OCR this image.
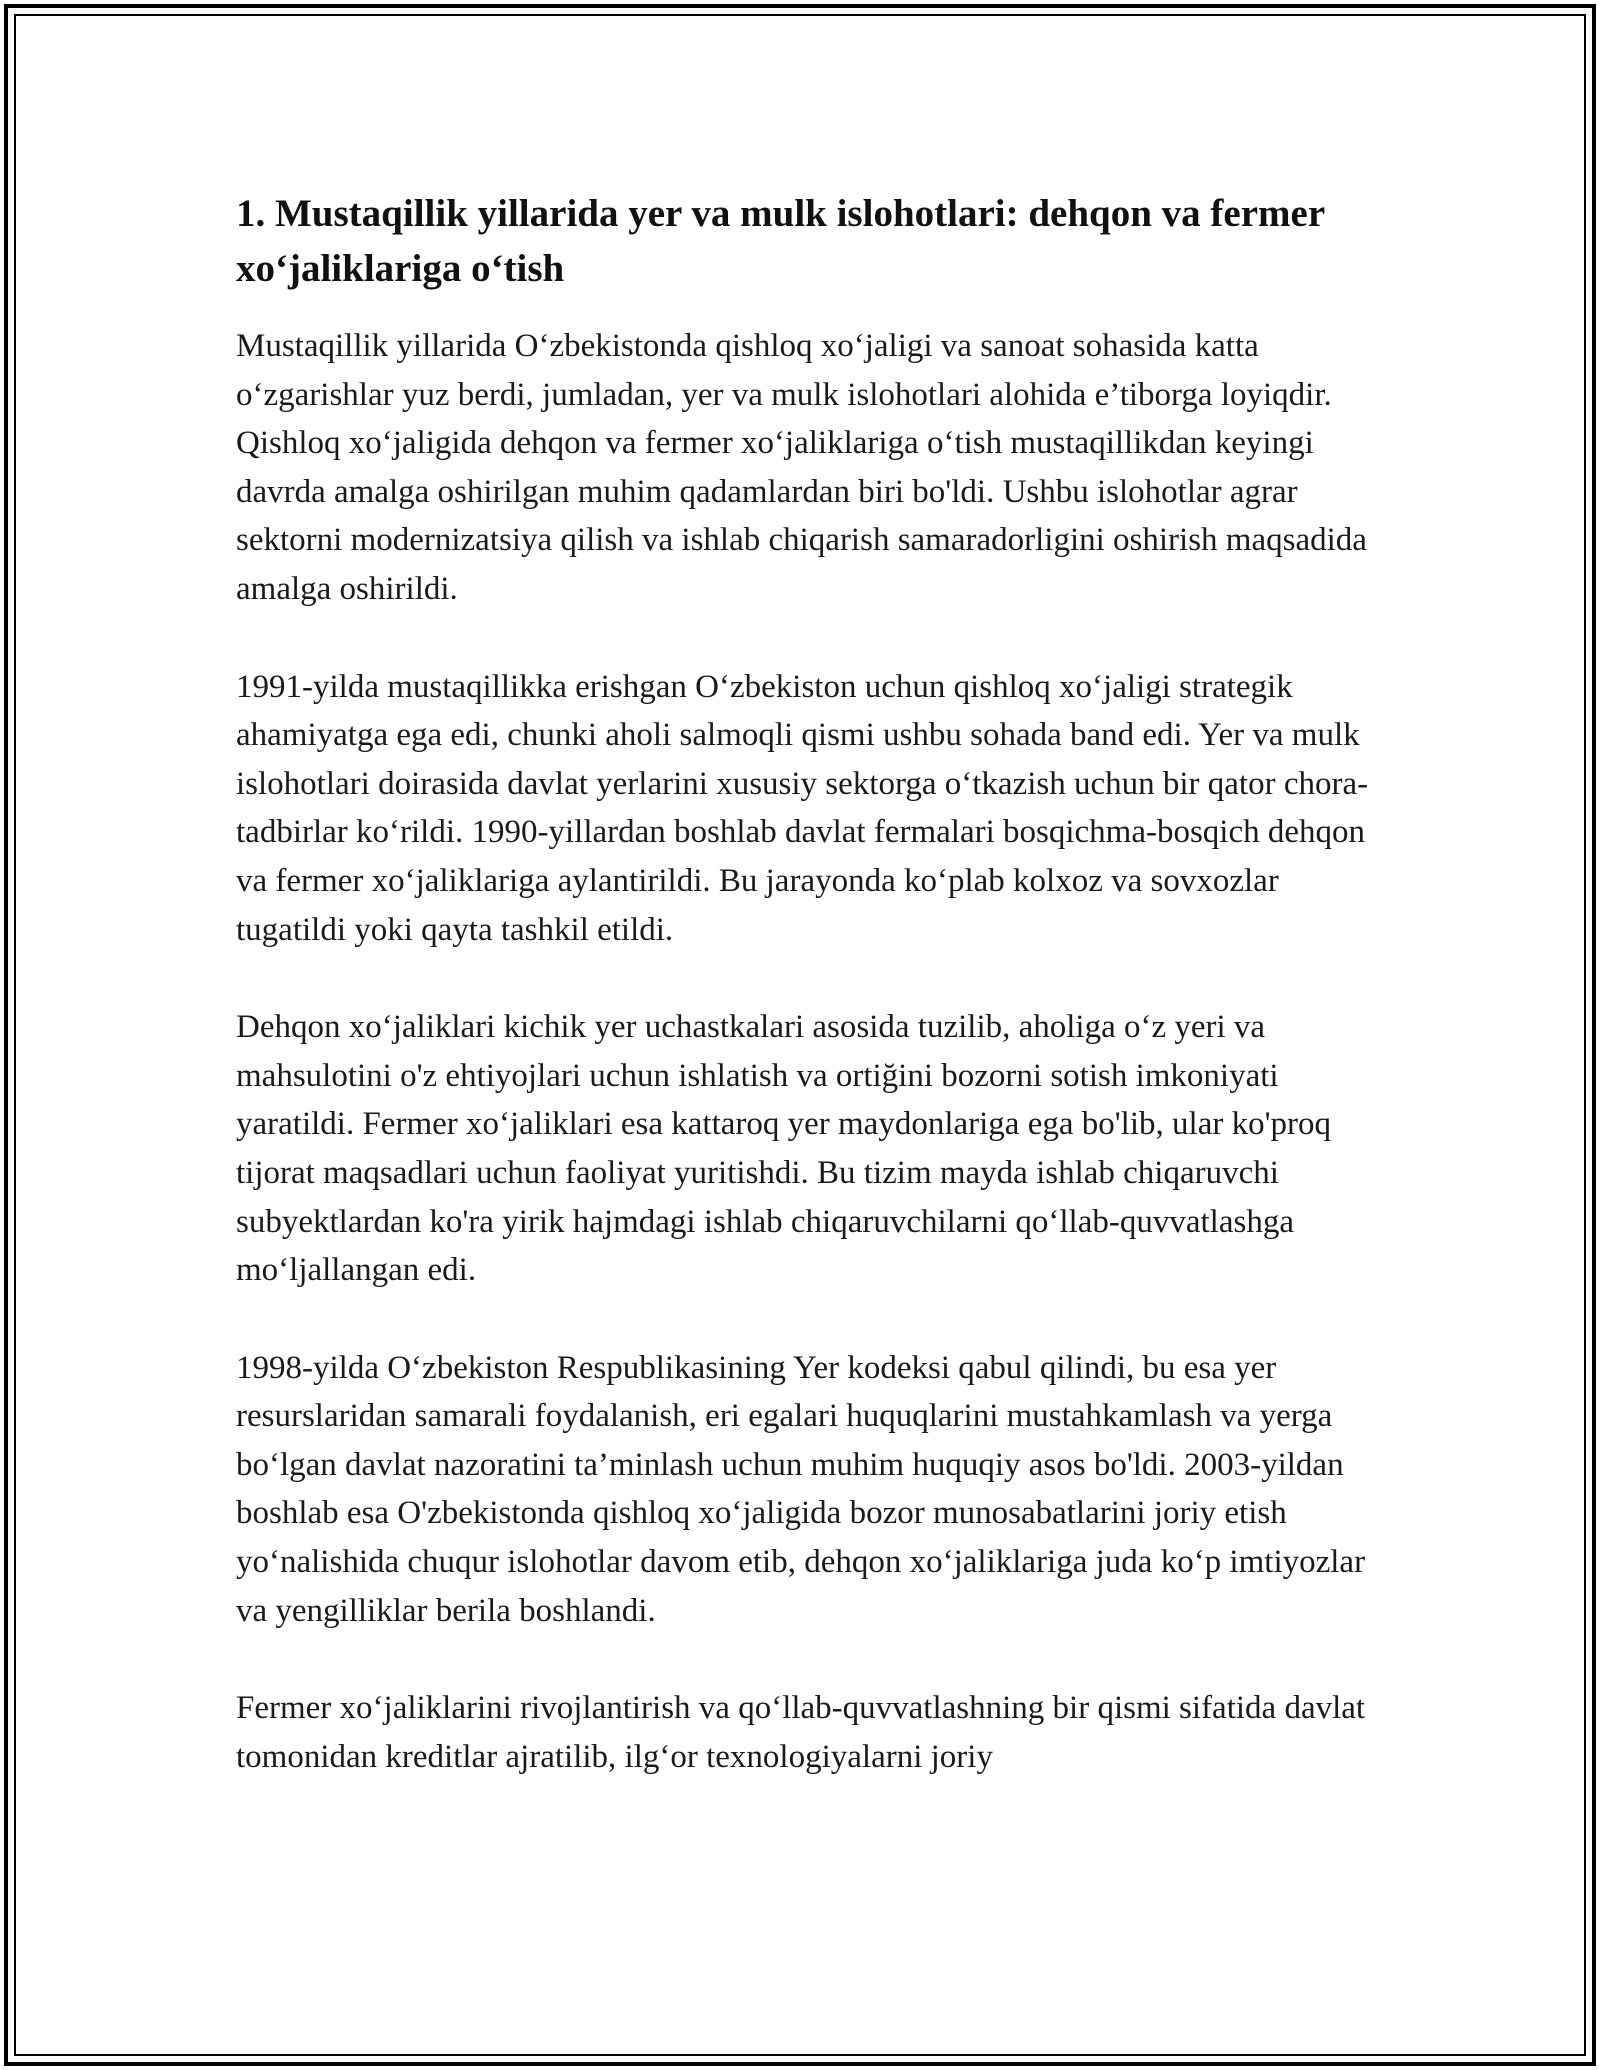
1. Mustaqillik yillarida yer va mulk islohotlari: dehqon va fermer xo‘jaliklariga o‘tish

Mustaqillik yillarida O‘zbekistonda qishloq xo‘jaligi va sanoat sohasida katta o‘zgarishlar yuz berdi, jumladan, yer va mulk islohotlari alohida e’tiborga loyiqdir. Qishloq xo‘jaligida dehqon va fermer xo‘jaliklariga o‘tish mustaqillikdan keyingi davrda amalga oshirilgan muhim qadamlardan biri bo'ldi. Ushbu islohotlar agrar sektorni modernizatsiya qilish va ishlab chiqarish samaradorligini oshirish maqsadida amalga oshirildi.

1991-yilda mustaqillikka erishgan O‘zbekiston uchun qishloq xo‘jaligi strategik ahamiyatga ega edi, chunki aholi salmoqli qismi ushbu sohada band edi. Yer va mulk islohotlari doirasida davlat yerlarini xususiy sektorga o‘tkazish uchun bir qator chora-tadbirlar ko‘rildi. 1990-yillardan boshlab davlat fermalari bosqichma-bosqich dehqon va fermer xo‘jaliklariga aylantirildi. Bu jarayonda ko‘plab kolxoz va sovxozlar tugatildi yoki qayta tashkil etildi.

Dehqon xo‘jaliklari kichik yer uchastkalari asosida tuzilib, aholiga o‘z yeri va mahsulotini o'z ehtiyojlari uchun ishlatish va ortiğini bozorni sotish imkoniyati yaratildi. Fermer xo‘jaliklari esa kattaroq yer maydonlariga ega bo'lib, ular ko'proq tijorat maqsadlari uchun faoliyat yuritishdi. Bu tizim mayda ishlab chiqaruvchi subyektlardan ko'ra yirik hajmdagi ishlab chiqaruvchilarni qo‘llab-quvvatlashga mo‘ljallangan edi.

1998-yilda O‘zbekiston Respublikasining Yer kodeksi qabul qilindi, bu esa yer resurslaridan samarali foydalanish, eri egalari huquqlarini mustahkamlash va yerga bo‘lgan davlat nazoratini ta’minlash uchun muhim huquqiy asos bo'ldi. 2003-yildan boshlab esa O'zbekistonda qishloq xo‘jaligida bozor munosabatlarini joriy etish yo‘nalishida chuqur islohotlar davom etib, dehqon xo‘jaliklariga juda ko‘p imtiyozlar va yengilliklar berila boshlandi.

Fermer xo‘jaliklarini rivojlantirish va qo‘llab-quvvatlashning bir qismi sifatida davlat tomonidan kreditlar ajratilib, ilg‘or texnologiyalarni joriy
